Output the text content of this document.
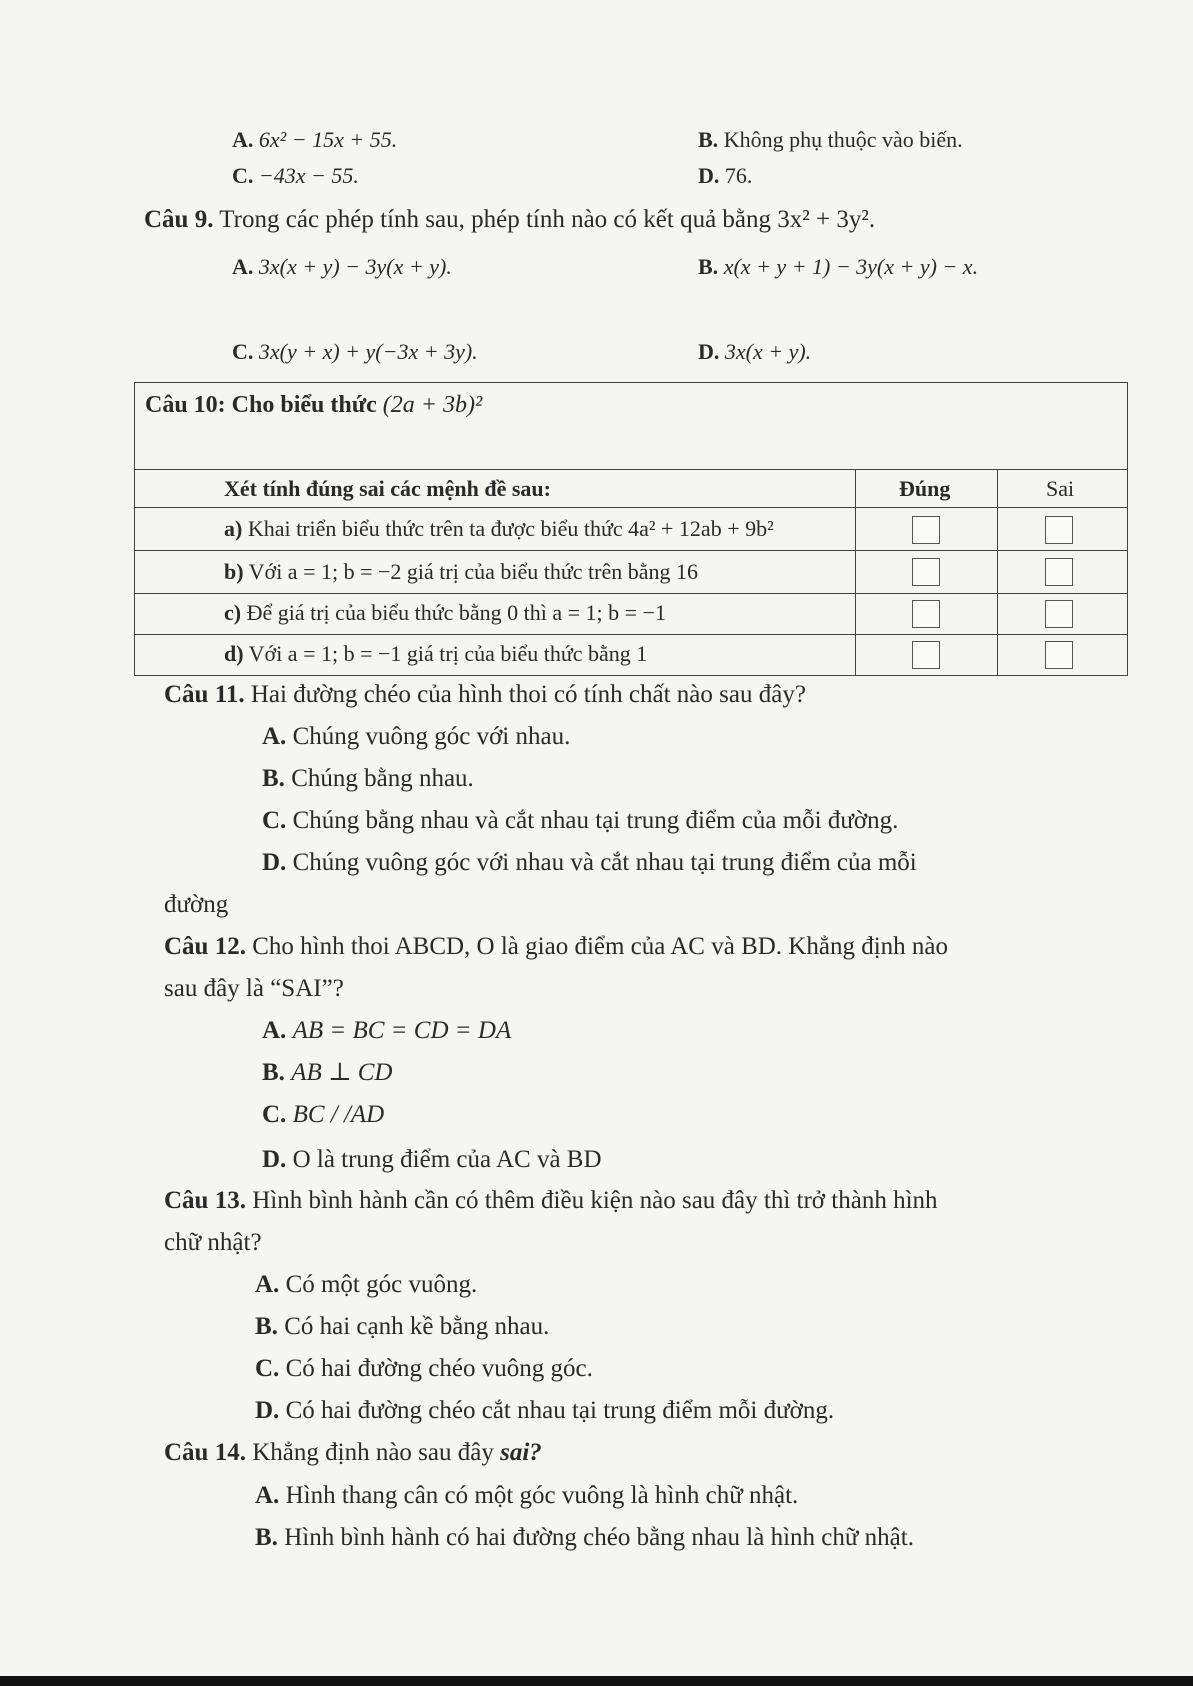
A. 6x² − 15x + 55.	B. Không phụ thuộc vào biến.
C. −43x − 55.	D. 76.
Câu 9. Trong các phép tính sau, phép tính nào có kết quả bằng 3x² + 3y².
A. 3x(x + y) − 3y(x + y).	B. x(x + y + 1) − 3y(x + y) − x.
C. 3x(y + x) + y(−3x + 3y).	D. 3x(x + y).
Câu 10: Cho biểu thức (2a + 3b)²
Xét tính đúng sai các mệnh đề sau:	Đúng	Sai
a) Khai triển biểu thức trên ta được biểu thức 4a² + 12ab + 9b²
b) Với a = 1; b = −2 giá trị của biểu thức trên bằng 16
c) Để giá trị của biểu thức bằng 0 thì a = 1; b = −1
d) Với a = 1; b = −1 giá trị của biểu thức bằng 1
Câu 11. Hai đường chéo của hình thoi có tính chất nào sau đây?
A. Chúng vuông góc với nhau.
B. Chúng bằng nhau.
C. Chúng bằng nhau và cắt nhau tại trung điểm của mỗi đường.
D. Chúng vuông góc với nhau và cắt nhau tại trung điểm của mỗi
đường
Câu 12. Cho hình thoi ABCD, O là giao điểm của AC và BD. Khẳng định nào
sau đây là “SAI”?
A. AB = BC = CD = DA
B. AB ⊥ CD
C. BC / /AD
D. O là trung điểm của AC và BD
Câu 13. Hình bình hành cần có thêm điều kiện nào sau đây thì trở thành hình
chữ nhật?
A. Có một góc vuông.
B. Có hai cạnh kề bằng nhau.
C. Có hai đường chéo vuông góc.
D. Có hai đường chéo cắt nhau tại trung điểm mỗi đường.
Câu 14. Khẳng định nào sau đây sai?
A. Hình thang cân có một góc vuông là hình chữ nhật.
B. Hình bình hành có hai đường chéo bằng nhau là hình chữ nhật.
